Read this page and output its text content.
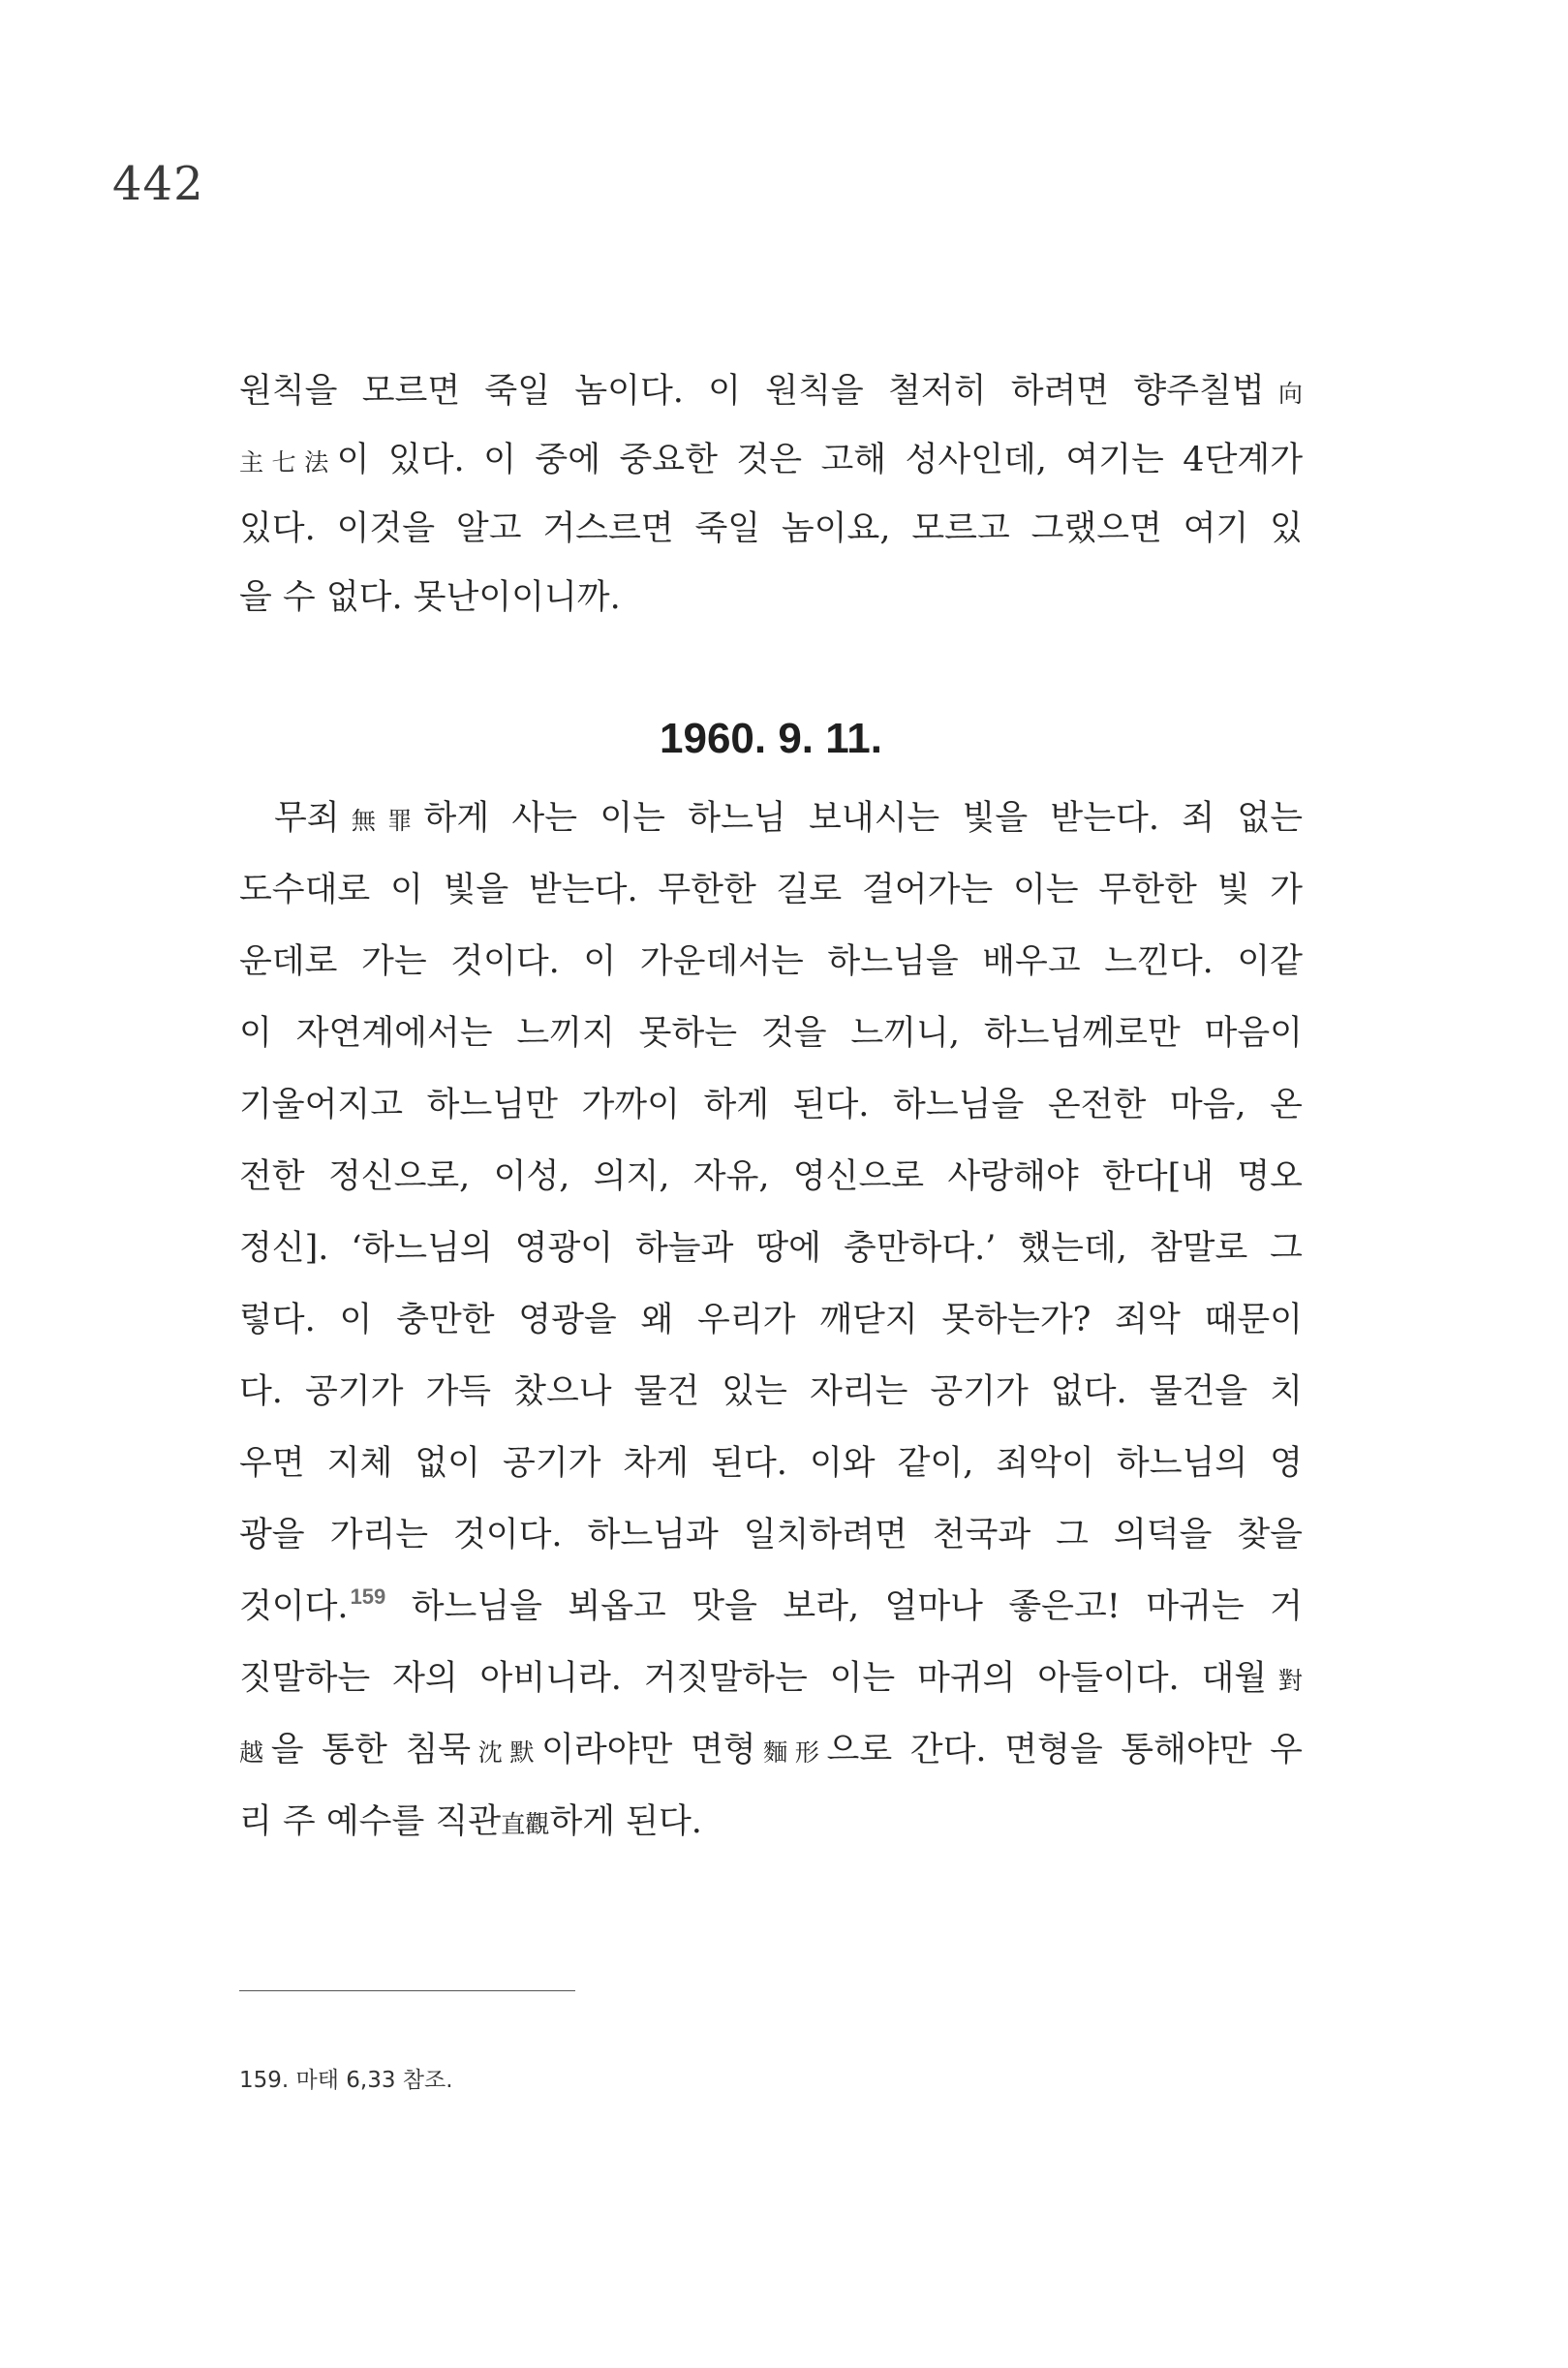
442
원칙을 모르면 죽일 놈이다. 이 원칙을 철저히 하려면 향주칠법向
主七法이 있다. 이 중에 중요한 것은 고해 성사인데, 여기는 4단계가
있다. 이것을 알고 거스르면 죽일 놈이요, 모르고 그랬으면 여기 있
을 수 없다. 못난이이니까.
1960. 9. 11.
무죄無罪하게 사는 이는 하느님 보내시는 빛을 받는다. 죄 없는
도수대로 이 빛을 받는다. 무한한 길로 걸어가는 이는 무한한 빛 가
운데로 가는 것이다. 이 가운데서는 하느님을 배우고 느낀다. 이같
이 자연계에서는 느끼지 못하는 것을 느끼니, 하느님께로만 마음이
기울어지고 하느님만 가까이 하게 된다. 하느님을 온전한 마음, 온
전한 정신으로, 이성, 의지, 자유, 영신으로 사랑해야 한다[내 명오
정신]. ‘하느님의 영광이 하늘과 땅에 충만하다.’ 했는데, 참말로 그
렇다. 이 충만한 영광을 왜 우리가 깨닫지 못하는가? 죄악 때문이
다. 공기가 가득 찼으나 물건 있는 자리는 공기가 없다. 물건을 치
우면 지체 없이 공기가 차게 된다. 이와 같이, 죄악이 하느님의 영
광을 가리는 것이다. 하느님과 일치하려면 천국과 그 의덕을 찾을
것이다.$^{159}$ 하느님을 뵈옵고 맛을 보라, 얼마나 좋은고! 마귀는 거
짓말하는 자의 아비니라. 거짓말하는 이는 마귀의 아들이다. 대월對
越을 통한 침묵沈默이라야만 면형麵形으로 간다. 면형을 통해야만 우
리 주 예수를 직관直觀하게 된다.
159. 마태 6,33 참조.
